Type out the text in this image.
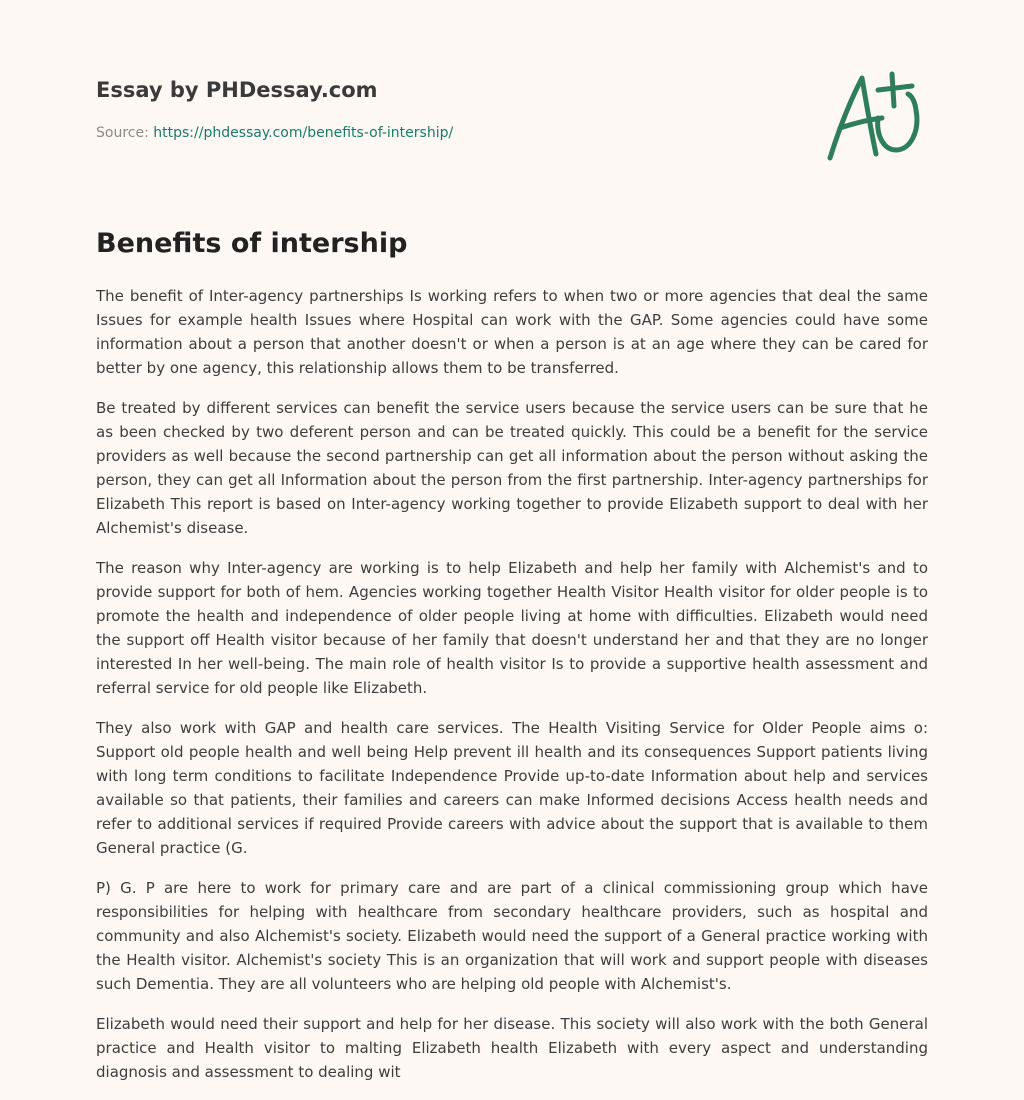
Essay by PHDessay.com
Source: https://phdessay.com/benefits-of-intership/
Benefits of intership

The benefit of Inter-agency partnerships Is working refers to when two or more agencies that deal the same Issues for example health Issues where Hospital can work with the GAP. Some agencies could have some information about a person that another doesn't or when a person is at an age where they can be cared for better by one agency, this relationship allows them to be transferred.

Be treated by different services can benefit the service users because the service users can be sure that he as been checked by two deferent person and can be treated quickly. This could be a benefit for the service providers as well because the second partnership can get all information about the person without asking the person, they can get all Information about the person from the first partnership. Inter-agency partnerships for Elizabeth This report is based on Inter-agency working together to provide Elizabeth support to deal with her Alchemist's disease.

The reason why Inter-agency are working is to help Elizabeth and help her family with Alchemist's and to provide support for both of hem. Agencies working together Health Visitor Health visitor for older people is to promote the health and independence of older people living at home with difficulties. Elizabeth would need the support off Health visitor because of her family that doesn't understand her and that they are no longer interested In her well-being. The main role of health visitor Is to provide a supportive health assessment and referral service for old people like Elizabeth.

They also work with GAP and health care services. The Health Visiting Service for Older People aims o: Support old people health and well being Help prevent ill health and its consequences Support patients living with long term conditions to facilitate Independence Provide up-to-date Information about help and services available so that patients, their families and careers can make Informed decisions Access health needs and refer to additional services if required Provide careers with advice about the support that is available to them General practice (G.

P) G. P are here to work for primary care and are part of a clinical commissioning group which have responsibilities for helping with healthcare from secondary healthcare providers, such as hospital and community and also Alchemist's society. Elizabeth would need the support of a General practice working with the Health visitor. Alchemist's society This is an organization that will work and support people with diseases such Dementia. They are all volunteers who are helping old people with Alchemist's.

Elizabeth would need their support and help for her disease. This society will also work with the both General practice and Health visitor to malting Elizabeth health Elizabeth with every aspect and understanding diagnosis and assessment to dealing wit
